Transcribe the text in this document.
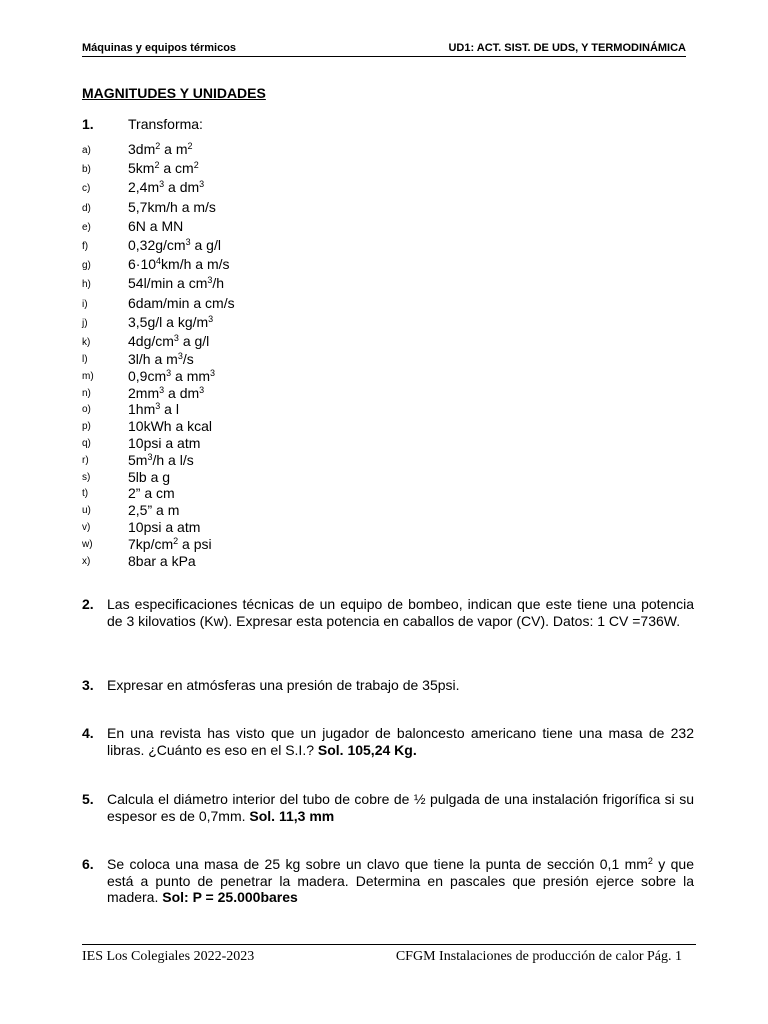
Máquinas y equipos térmicos	UD1: ACT. SIST. DE UDS, Y TERMODINÁMICA
MAGNITUDES Y UNIDADES
1. Transforma:
a)	$3dm^2$ a $m^2$
b)	$5km^2$ a $cm^2$
c)	$2,4m^3$ a $dm^3$
d)	5,7km/h a m/s
e)	6N a MN
f)	$0,32g/cm^3$ a g/l
g)	$6\cdot 10^4km/h$ a m/s
h)	54l/min a $cm^3/h$
i)	6dam/min a cm/s
j)	3,5g/l a $kg/m^3$
k)	$4dg/cm^3$ a g/l
l)	3l/h a $m^3/s$
m) $0,9cm^3$ a $mm^3$
n)	$2mm^3$ a $dm^3$
o)	$1hm^3$ a l
p)	10kWh a kcal
q)	10psi a atm
r)	$5m^3/h$ a l/s
s)	5lb a g
t)	2” a cm
u)	2,5” a m
v)	10psi a atm
w)	$7kp/cm^2$ a psi
x)	8bar a kPa
2. Las especificaciones técnicas de un equipo de bombeo, indican que este tiene una potencia de 3 kilovatios (Kw). Expresar esta potencia en caballos de vapor (CV). Datos: 1 CV =736W.
3. Expresar en atmósferas una presión de trabajo de 35psi.
4. En una revista has visto que un jugador de baloncesto americano tiene una masa de 232 libras. ¿Cuánto es eso en el S.I.? Sol. 105,24 Kg.
5. Calcula el diámetro interior del tubo de cobre de ½ pulgada de una instalación frigorífica si su espesor es de 0,7mm. Sol. 11,3 mm
6. Se coloca una masa de 25 kg sobre un clavo que tiene la punta de sección 0,1 $mm^2$ y que está a punto de penetrar la madera. Determina en pascales que presión ejerce sobre la madera. Sol: P = 25.000bares
IES Los Colegiales 2022-2023	CFGM Instalaciones de producción de calor Pág. 1
